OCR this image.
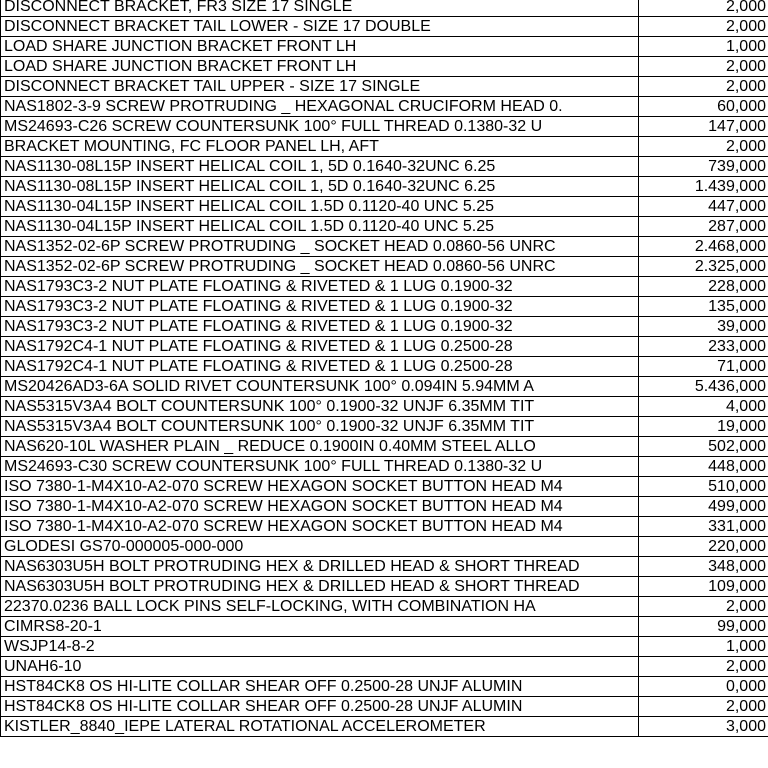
DISCONNECT BRACKET, FR3 SIZE 17 SINGLE	2,000
DISCONNECT BRACKET TAIL LOWER - SIZE 17 DOUBLE	2,000
LOAD SHARE JUNCTION BRACKET FRONT LH	1,000
LOAD SHARE JUNCTION BRACKET FRONT LH	2,000
DISCONNECT BRACKET TAIL UPPER - SIZE 17 SINGLE	2,000
NAS1802-3-9 SCREW PROTRUDING _ HEXAGONAL CRUCIFORM HEAD 0.	60,000
MS24693-C26 SCREW COUNTERSUNK 100° FULL THREAD 0.1380-32 U	147,000
BRACKET MOUNTING, FC FLOOR PANEL LH, AFT	2,000
NAS1130-08L15P INSERT HELICAL COIL 1, 5D 0.1640-32UNC 6.25	739,000
NAS1130-08L15P INSERT HELICAL COIL 1, 5D 0.1640-32UNC 6.25	1.439,000
NAS1130-04L15P INSERT HELICAL COIL 1.5D 0.1120-40 UNC 5.25	447,000
NAS1130-04L15P INSERT HELICAL COIL 1.5D 0.1120-40 UNC 5.25	287,000
NAS1352-02-6P SCREW PROTRUDING _ SOCKET HEAD 0.0860-56 UNRC	2.468,000
NAS1352-02-6P SCREW PROTRUDING _ SOCKET HEAD 0.0860-56 UNRC	2.325,000
NAS1793C3-2 NUT PLATE FLOATING & RIVETED & 1 LUG 0.1900-32	228,000
NAS1793C3-2 NUT PLATE FLOATING & RIVETED & 1 LUG 0.1900-32	135,000
NAS1793C3-2 NUT PLATE FLOATING & RIVETED & 1 LUG 0.1900-32	39,000
NAS1792C4-1 NUT PLATE FLOATING & RIVETED & 1 LUG 0.2500-28	233,000
NAS1792C4-1 NUT PLATE FLOATING & RIVETED & 1 LUG 0.2500-28	71,000
MS20426AD3-6A SOLID RIVET COUNTERSUNK 100° 0.094IN 5.94MM A	5.436,000
NAS5315V3A4 BOLT COUNTERSUNK 100° 0.1900-32 UNJF 6.35MM TIT	4,000
NAS5315V3A4 BOLT COUNTERSUNK 100° 0.1900-32 UNJF 6.35MM TIT	19,000
NAS620-10L WASHER PLAIN _ REDUCE 0.1900IN 0.40MM STEEL ALLO	502,000
MS24693-C30 SCREW COUNTERSUNK 100° FULL THREAD 0.1380-32 U	448,000
ISO 7380-1-M4X10-A2-070 SCREW HEXAGON SOCKET BUTTON HEAD M4	510,000
ISO 7380-1-M4X10-A2-070 SCREW HEXAGON SOCKET BUTTON HEAD M4	499,000
ISO 7380-1-M4X10-A2-070 SCREW HEXAGON SOCKET BUTTON HEAD M4	331,000
GLODESI GS70-000005-000-000	220,000
NAS6303U5H BOLT PROTRUDING HEX & DRILLED HEAD & SHORT THREAD	348,000
NAS6303U5H BOLT PROTRUDING HEX & DRILLED HEAD & SHORT THREAD	109,000
22370.0236 BALL LOCK PINS SELF-LOCKING, WITH COMBINATION HA	2,000
CIMRS8-20-1	99,000
WSJP14-8-2	1,000
UNAH6-10	2,000
HST84CK8 OS HI-LITE COLLAR SHEAR OFF 0.2500-28 UNJF ALUMIN	0,000
HST84CK8 OS HI-LITE COLLAR SHEAR OFF 0.2500-28 UNJF ALUMIN	2,000
KISTLER_8840_IEPE LATERAL ROTATIONAL ACCELEROMETER	3,000
